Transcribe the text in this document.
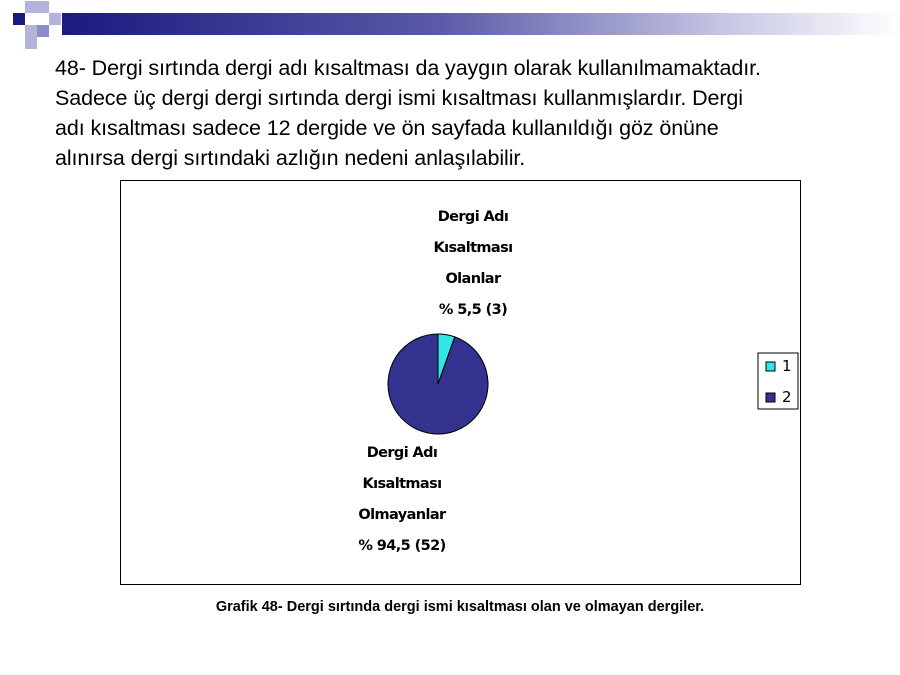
48- Dergi sırtında dergi adı kısaltması da yaygın olarak kullanılmamaktadır.
Sadece üç dergi dergi sırtında dergi ismi kısaltması kullanmışlardır. Dergi
adı kısaltması sadece 12 dergide ve ön sayfada kullanıldığı göz önüne
alınırsa dergi sırtındaki azlığın nedeni anlaşılabilir.
Dergi Adı
Kısaltması
Olanlar
% 5,5 (3)
Dergi Adı
Kısaltması
Olmayanlar
% 94,5 (52)
1
2
Grafik 48- Dergi sırtında dergi ismi kısaltması olan ve olmayan dergiler.
